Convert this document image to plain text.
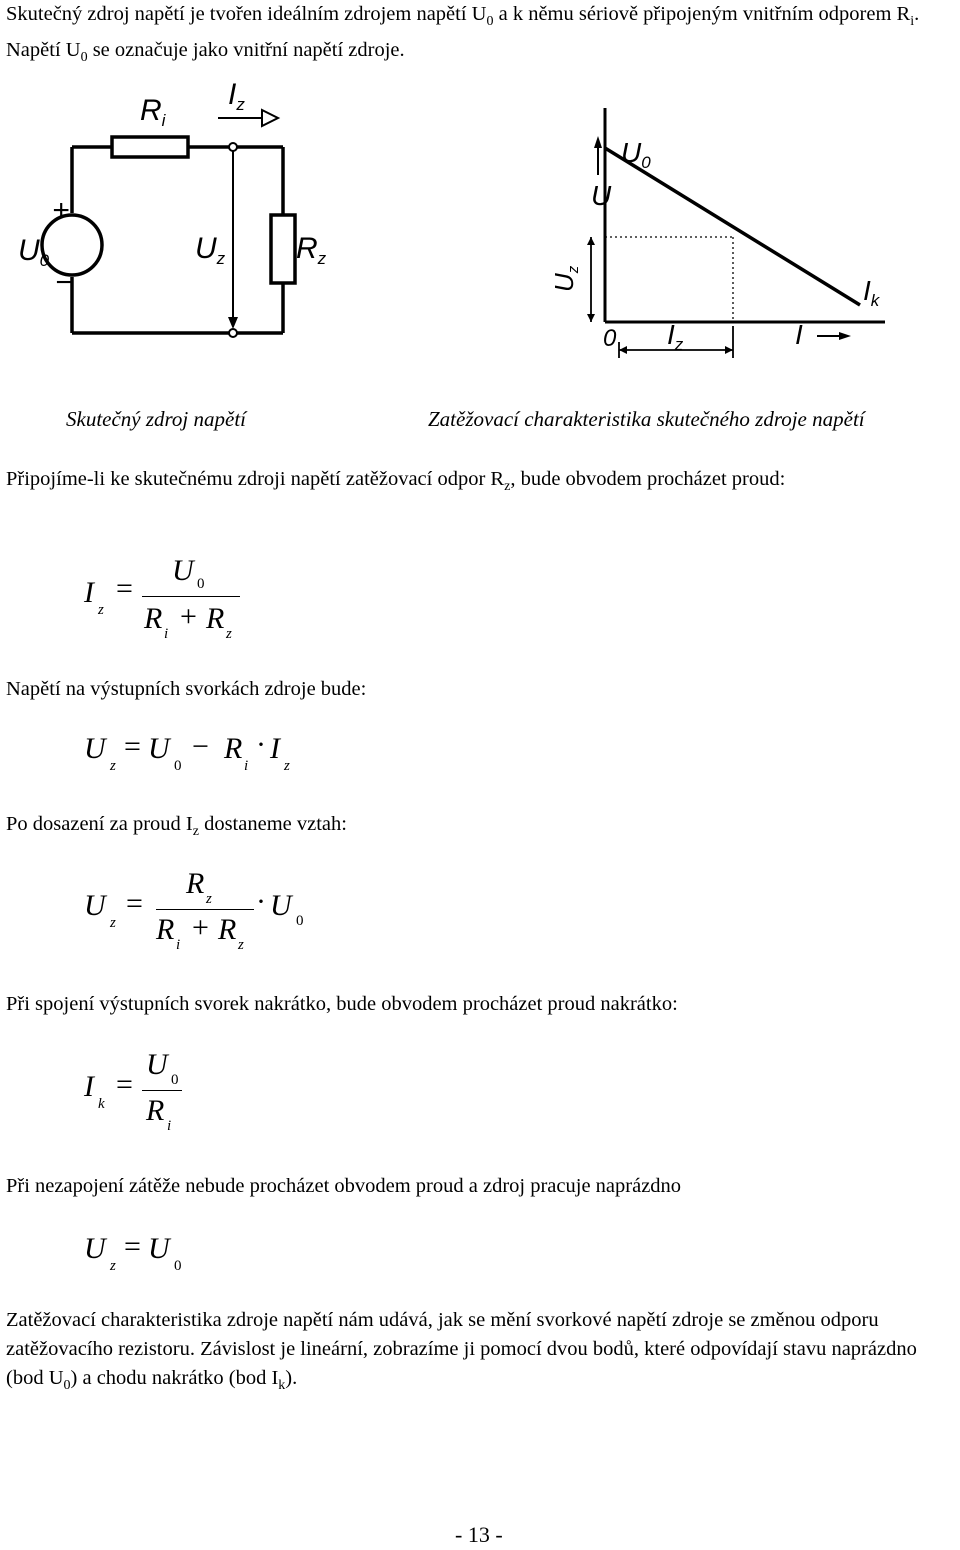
Skutečný zdroj napětí je tvořen ideálním zdrojem napětí $U_0$ a k němu sériově připojeným vnitřním odporem $R_i$. Napětí $U_0$ se označuje jako vnitřní napětí zdroje.
$R_i$
$I_z$
+
−
$U_0$	$U_z$ $R_z$
$U_0$
U
Uz
$I_k$
0 $I_z$	I
Skutečný zdroj napětí	Zatěžovací charakteristika skutečného zdroje napětí
Připojíme-li ke skutečnému zdroji napětí zatěžovací odpor $R_z$, bude obvodem procházet proud:
I
z
=
U 0
R i
+ R z
Napětí na výstupních svorkách zdroje bude:
U
z
= U
0
− R
i
· I
z
Po dosazení za proud $I_z$ dostaneme vztah:
U
z
=
R z
R i
+ R z
· U 0
Při spojení výstupních svorek nakrátko, bude obvodem procházet proud nakrátko:
I
k
=
U 0
R i
Při nezapojení zátěže nebude procházet obvodem proud a zdroj pracuje naprázdno
U
z
= U
0
Zatěžovací charakteristika zdroje napětí nám udává, jak se mění svorkové napětí zdroje se změnou odporu zatěžovacího rezistoru. Závislost je lineární, zobrazíme ji pomocí dvou bodů, které odpovídají stavu naprázdno (bod $U_0$) a chodu nakrátko (bod $I_k$).
- 13 -
